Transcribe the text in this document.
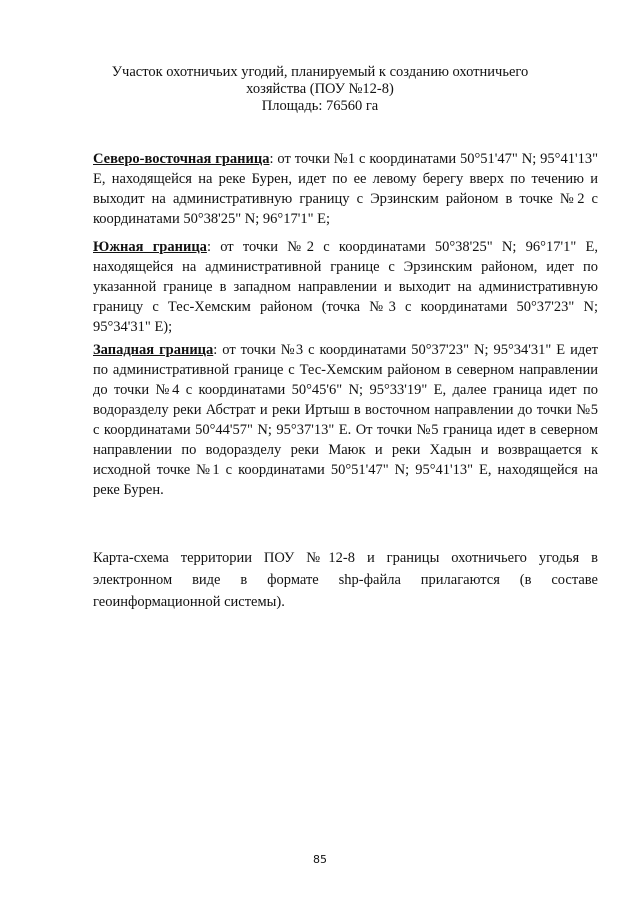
Участок охотничьих угодий, планируемый к созданию охотничьего
хозяйства (ПОУ №12-8)
Площадь: 76560 га

Северо-восточная граница: от точки №1 с координатами 50°51'47" N; 95°41'13" E, находящейся на реке Бурен, идет по ее левому берегу вверх по течению и выходит на административную границу с Эрзинским районом в точке №2 с координатами 50°38'25" N; 96°17'1" E;

Южная граница: от точки №2 с координатами 50°38'25" N; 96°17'1" E, находящейся на административной границе с Эрзинским районом, идет по указанной границе в западном направлении и выходит на административную границу с Тес-Хемским районом (точка №3 с координатами 50°37'23" N; 95°34'31" E);

Западная граница: от точки №3 с координатами 50°37'23" N; 95°34'31" E идет по административной границе с Тес-Хемским районом в северном направлении до точки №4 с координатами 50°45'6" N; 95°33'19" E, далее граница идет по водоразделу реки Абстрат и реки Иртыш в восточном направлении до точки №5 с координатами 50°44'57" N; 95°37'13" E. От точки №5 граница идет в северном направлении по водоразделу реки Маюк и реки Хадын и возвращается к исходной точке №1 с координатами 50°51'47" N; 95°41'13" E, находящейся на реке Бурен.

Карта-схема территории ПОУ №12-8 и границы охотничьего угодья в электронном виде в формате shp-файла прилагаются (в составе геоинформационной системы).

85
